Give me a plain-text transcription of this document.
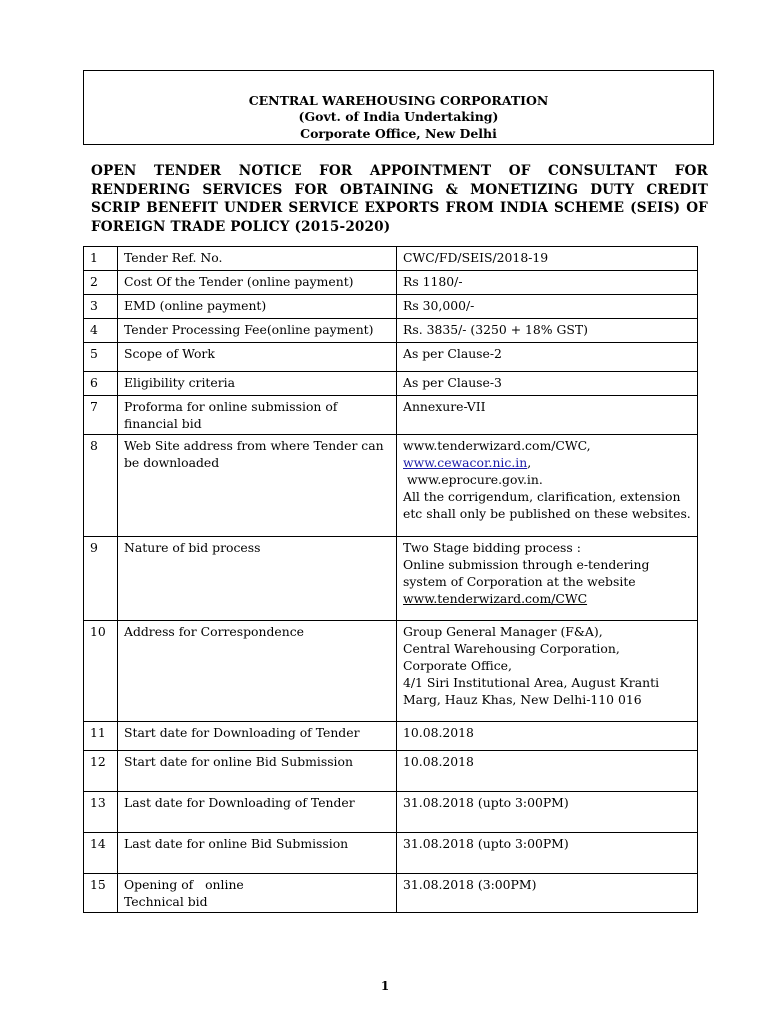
CENTRAL WAREHOUSING CORPORATION
(Govt. of India Undertaking)
Corporate Office, New Delhi
OPEN TENDER NOTICE FOR APPOINTMENT OF CONSULTANT FOR RENDERING SERVICES FOR OBTAINING & MONETIZING DUTY CREDIT SCRIP BENEFIT UNDER SERVICE EXPORTS FROM INDIA SCHEME (SEIS) OF FOREIGN TRADE POLICY (2015-2020)
1	Tender Ref. No.	CWC/FD/SEIS/2018-19
2	Cost Of the Tender (online payment)	Rs 1180/-
3	EMD (online payment)	Rs 30,000/-
4	Tender Processing Fee(online payment)	Rs. 3835/- (3250 + 18% GST)
5	Scope of Work	As per Clause-2
6	Eligibility criteria	As per Clause-3
7	Proforma for online submission of financial bid	Annexure-VII
8	Web Site address from where Tender can be downloaded	www.tenderwizard.com/CWC,
www.cewacor.nic.in,
www.eprocure.gov.in.
All the corrigendum, clarification, extension etc shall only be published on these websites.

9	Nature of bid process	Two Stage bidding process :
Online submission through e-tendering system of Corporation at the website
www.tenderwizard.com/CWC

10	Address for Correspondence	Group General Manager (F&A),
Central Warehousing Corporation,
Corporate Office,
4/1 Siri Institutional Area, August Kranti Marg, Hauz Khas, New Delhi-110 016

11	Start date for Downloading of Tender	10.08.2018
12	Start date for online Bid Submission	10.08.2018
13	Last date for Downloading of Tender	31.08.2018 (upto 3:00PM)
14	Last date for online Bid Submission	31.08.2018 (upto 3:00PM)
15	Opening of   online
Technical bid	31.08.2018 (3:00PM)
1
